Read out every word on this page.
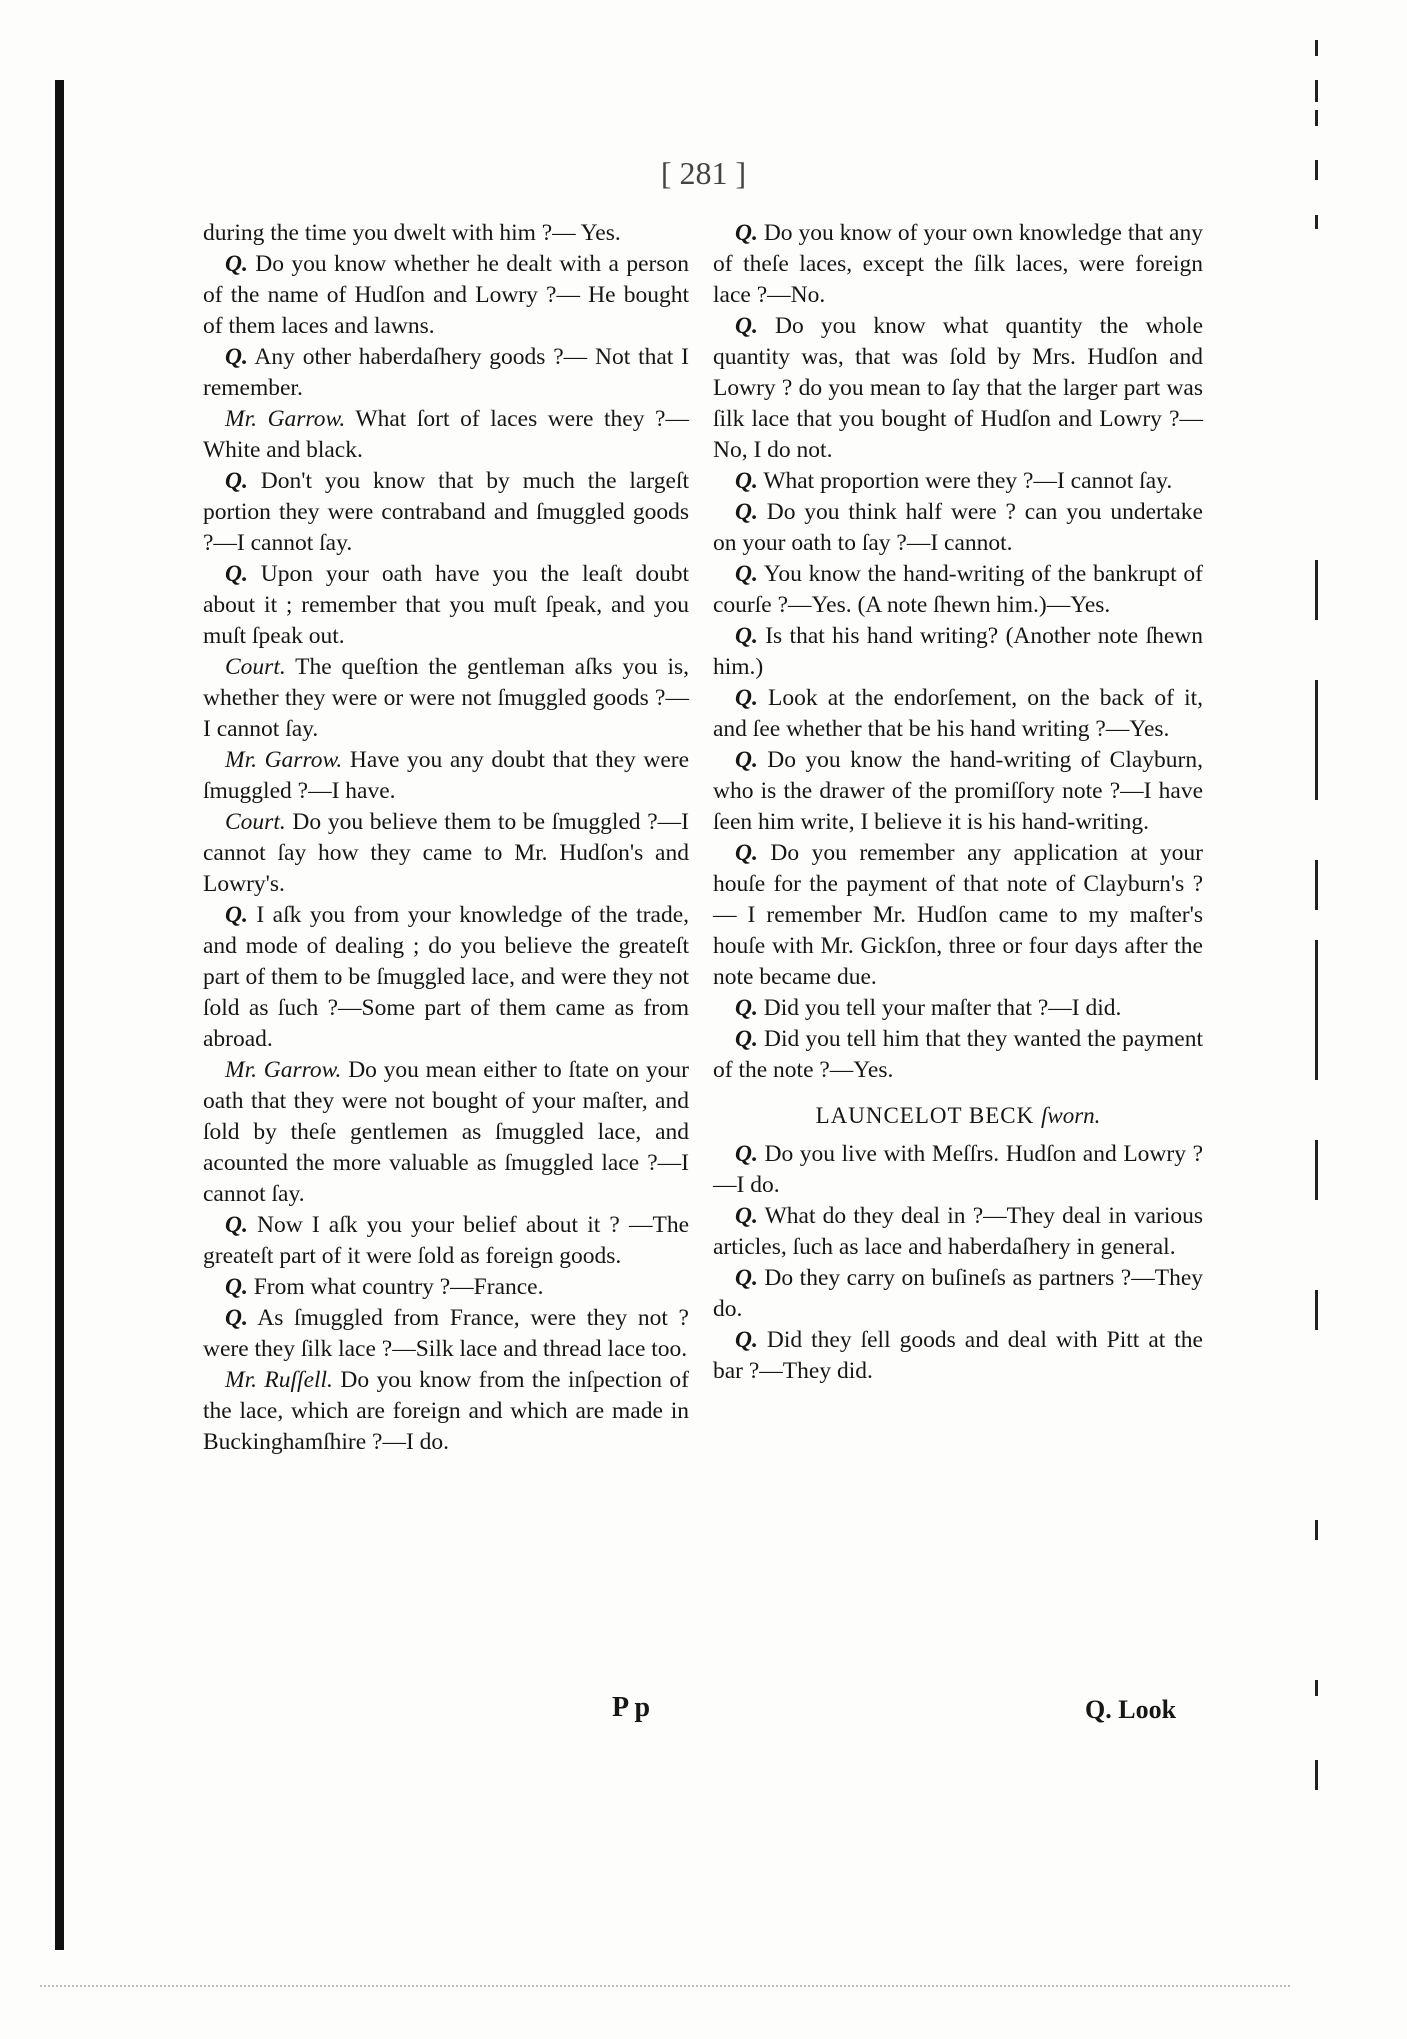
[ 281 ]

during the time you dwelt with him ?— Yes.

Q. Do you know whether he dealt with a person of the name of Hudſon and Lowry ?— He bought of them laces and lawns.

Q. Any other haberdaſhery goods ?— Not that I remember.

Mr. Garrow. What ſort of laces were they ?—White and black.

Q. Don't you know that by much the largeſt portion they were contraband and ſmuggled goods ?—I cannot ſay.

Q. Upon your oath have you the leaſt doubt about it ; remember that you muſt ſpeak, and you muſt ſpeak out.

Court. The queſtion the gentleman aſks you is, whether they were or were not ſmuggled goods ?—I cannot ſay.

Mr. Garrow. Have you any doubt that they were ſmuggled ?—I have.

Court. Do you believe them to be ſmuggled ?—I cannot ſay how they came to Mr. Hudſon's and Lowry's.

Q. I aſk you from your knowledge of the trade, and mode of dealing ; do you believe the greateſt part of them to be ſmuggled lace, and were they not ſold as ſuch ?—Some part of them came as from abroad.

Mr. Garrow. Do you mean either to ſtate on your oath that they were not bought of your maſter, and ſold by theſe gentlemen as ſmuggled lace, and acounted the more valuable as ſmuggled lace ?—I cannot ſay.

Q. Now I aſk you your belief about it ? —The greateſt part of it were ſold as foreign goods.

Q. From what country ?—France.

Q. As ſmuggled from France, were they not ? were they ſilk lace ?—Silk lace and thread lace too.

Mr. Ruſſell. Do you know from the inſpection of the lace, which are foreign and which are made in Buckinghamſhire ?—I do.

Q. Do you know of your own knowledge that any of theſe laces, except the ſilk laces, were foreign lace ?—No.

Q. Do you know what quantity the whole quantity was, that was ſold by Mrs. Hudſon and Lowry ? do you mean to ſay that the larger part was ſilk lace that you bought of Hudſon and Lowry ?— No, I do not.

Q. What proportion were they ?—I cannot ſay.

Q. Do you think half were ? can you undertake on your oath to ſay ?—I cannot.

Q. You know the hand-writing of the bankrupt of courſe ?—Yes. (A note ſhewn him.)—Yes.

Q. Is that his hand writing? (Another note ſhewn him.)

Q. Look at the endorſement, on the back of it, and ſee whether that be his hand writing ?—Yes.

Q. Do you know the hand-writing of Clayburn, who is the drawer of the promiſſory note ?—I have ſeen him write, I believe it is his hand-writing.

Q. Do you remember any application at your houſe for the payment of that note of Clayburn's ?— I remember Mr. Hudſon came to my maſter's houſe with Mr. Gickſon, three or four days after the note became due.

Q. Did you tell your maſter that ?—I did.

Q. Did you tell him that they wanted the payment of the note ?—Yes.

LAUNCELOT BECK ſworn.

Q. Do you live with Meſſrs. Hudſon and Lowry ?—I do.

Q. What do they deal in ?—They deal in various articles, ſuch as lace and haberdaſhery in general.

Q. Do they carry on buſineſs as partners ?—They do.

Q. Did they ſell goods and deal with Pitt at the bar ?—They did.

P p	Q. Look
